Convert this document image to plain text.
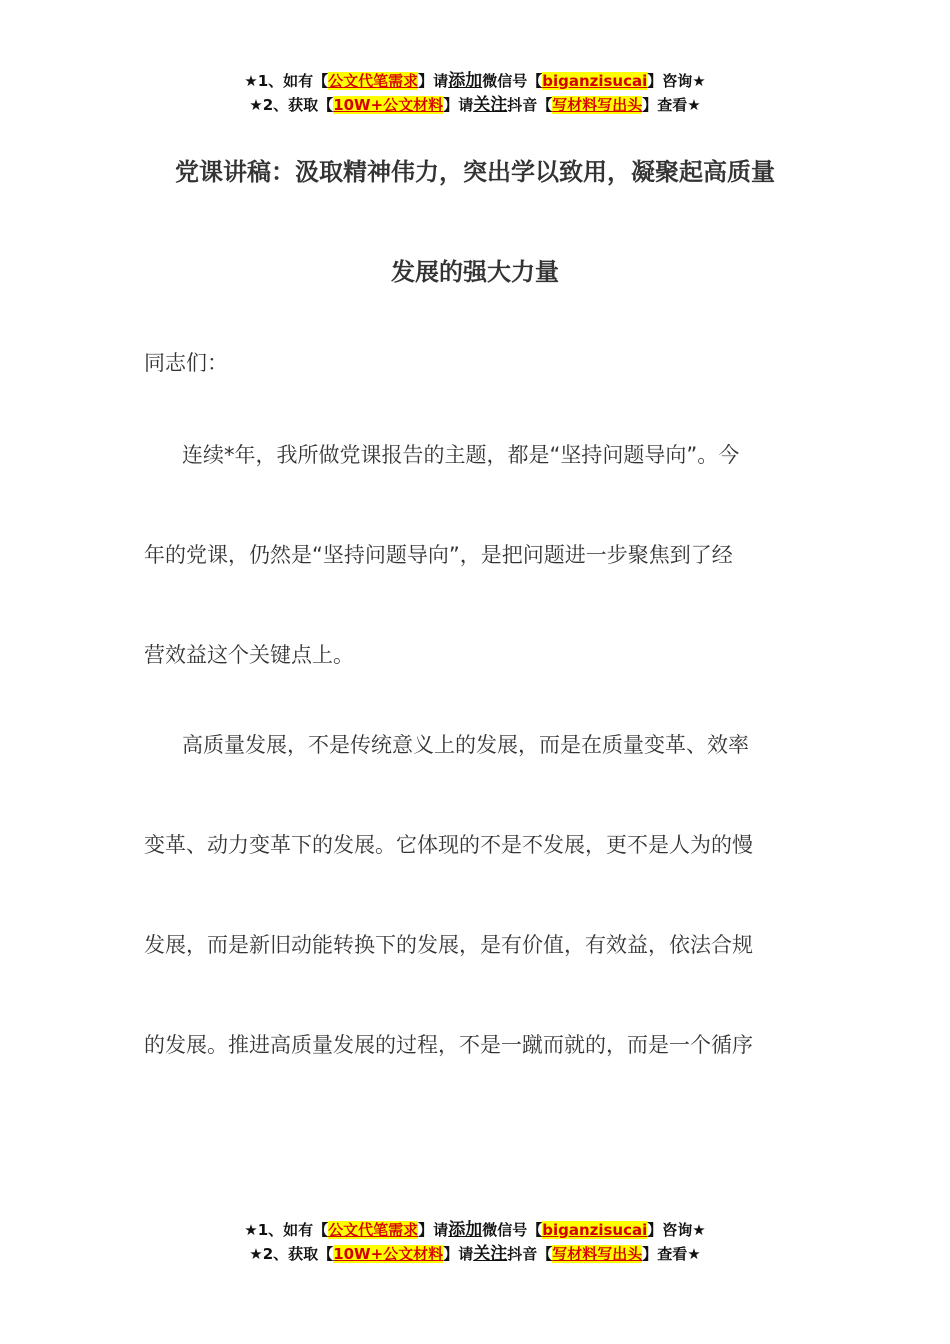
★1、如有【公文代笔需求】请添加微信号【biganzisucai】咨询★
★2、获取【10W+公文材料】请关注抖音【写材料写出头】查看★
党课讲稿：汲取精神伟力，突出学以致用，凝聚起高质量
发展的强大力量
同志们：
连续*年，我所做党课报告的主题，都是“坚持问题导向”。今
年的党课，仍然是“坚持问题导向”，是把问题进一步聚焦到了经
营效益这个关键点上。
高质量发展，不是传统意义上的发展，而是在质量变革、效率
变革、动力变革下的发展。它体现的不是不发展，更不是人为的慢
发展，而是新旧动能转换下的发展，是有价值，有效益，依法合规
的发展。推进高质量发展的过程，不是一蹴而就的，而是一个循序
★1、如有【公文代笔需求】请添加微信号【biganzisucai】咨询★
★2、获取【10W+公文材料】请关注抖音【写材料写出头】查看★
